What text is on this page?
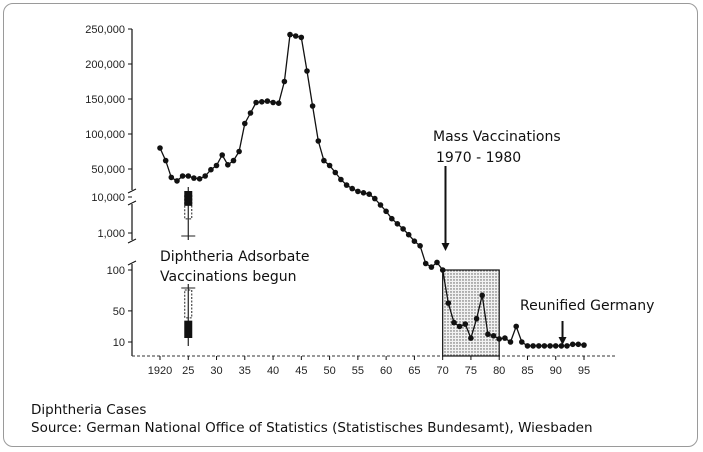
250,000
200,000
150,000
100,000
50,000
10,000
1,000
100
50
10
1920 25 30 35 40 45 50 55 60 65 70 75 80 85 90 95
Mass Vaccinations
1970 - 1980
Diphtheria Adsorbate
Vaccinations begun
Reunified Germany
Diphtheria Cases
Source: German National Office of Statistics (Statistisches Bundesamt), Wiesbaden
